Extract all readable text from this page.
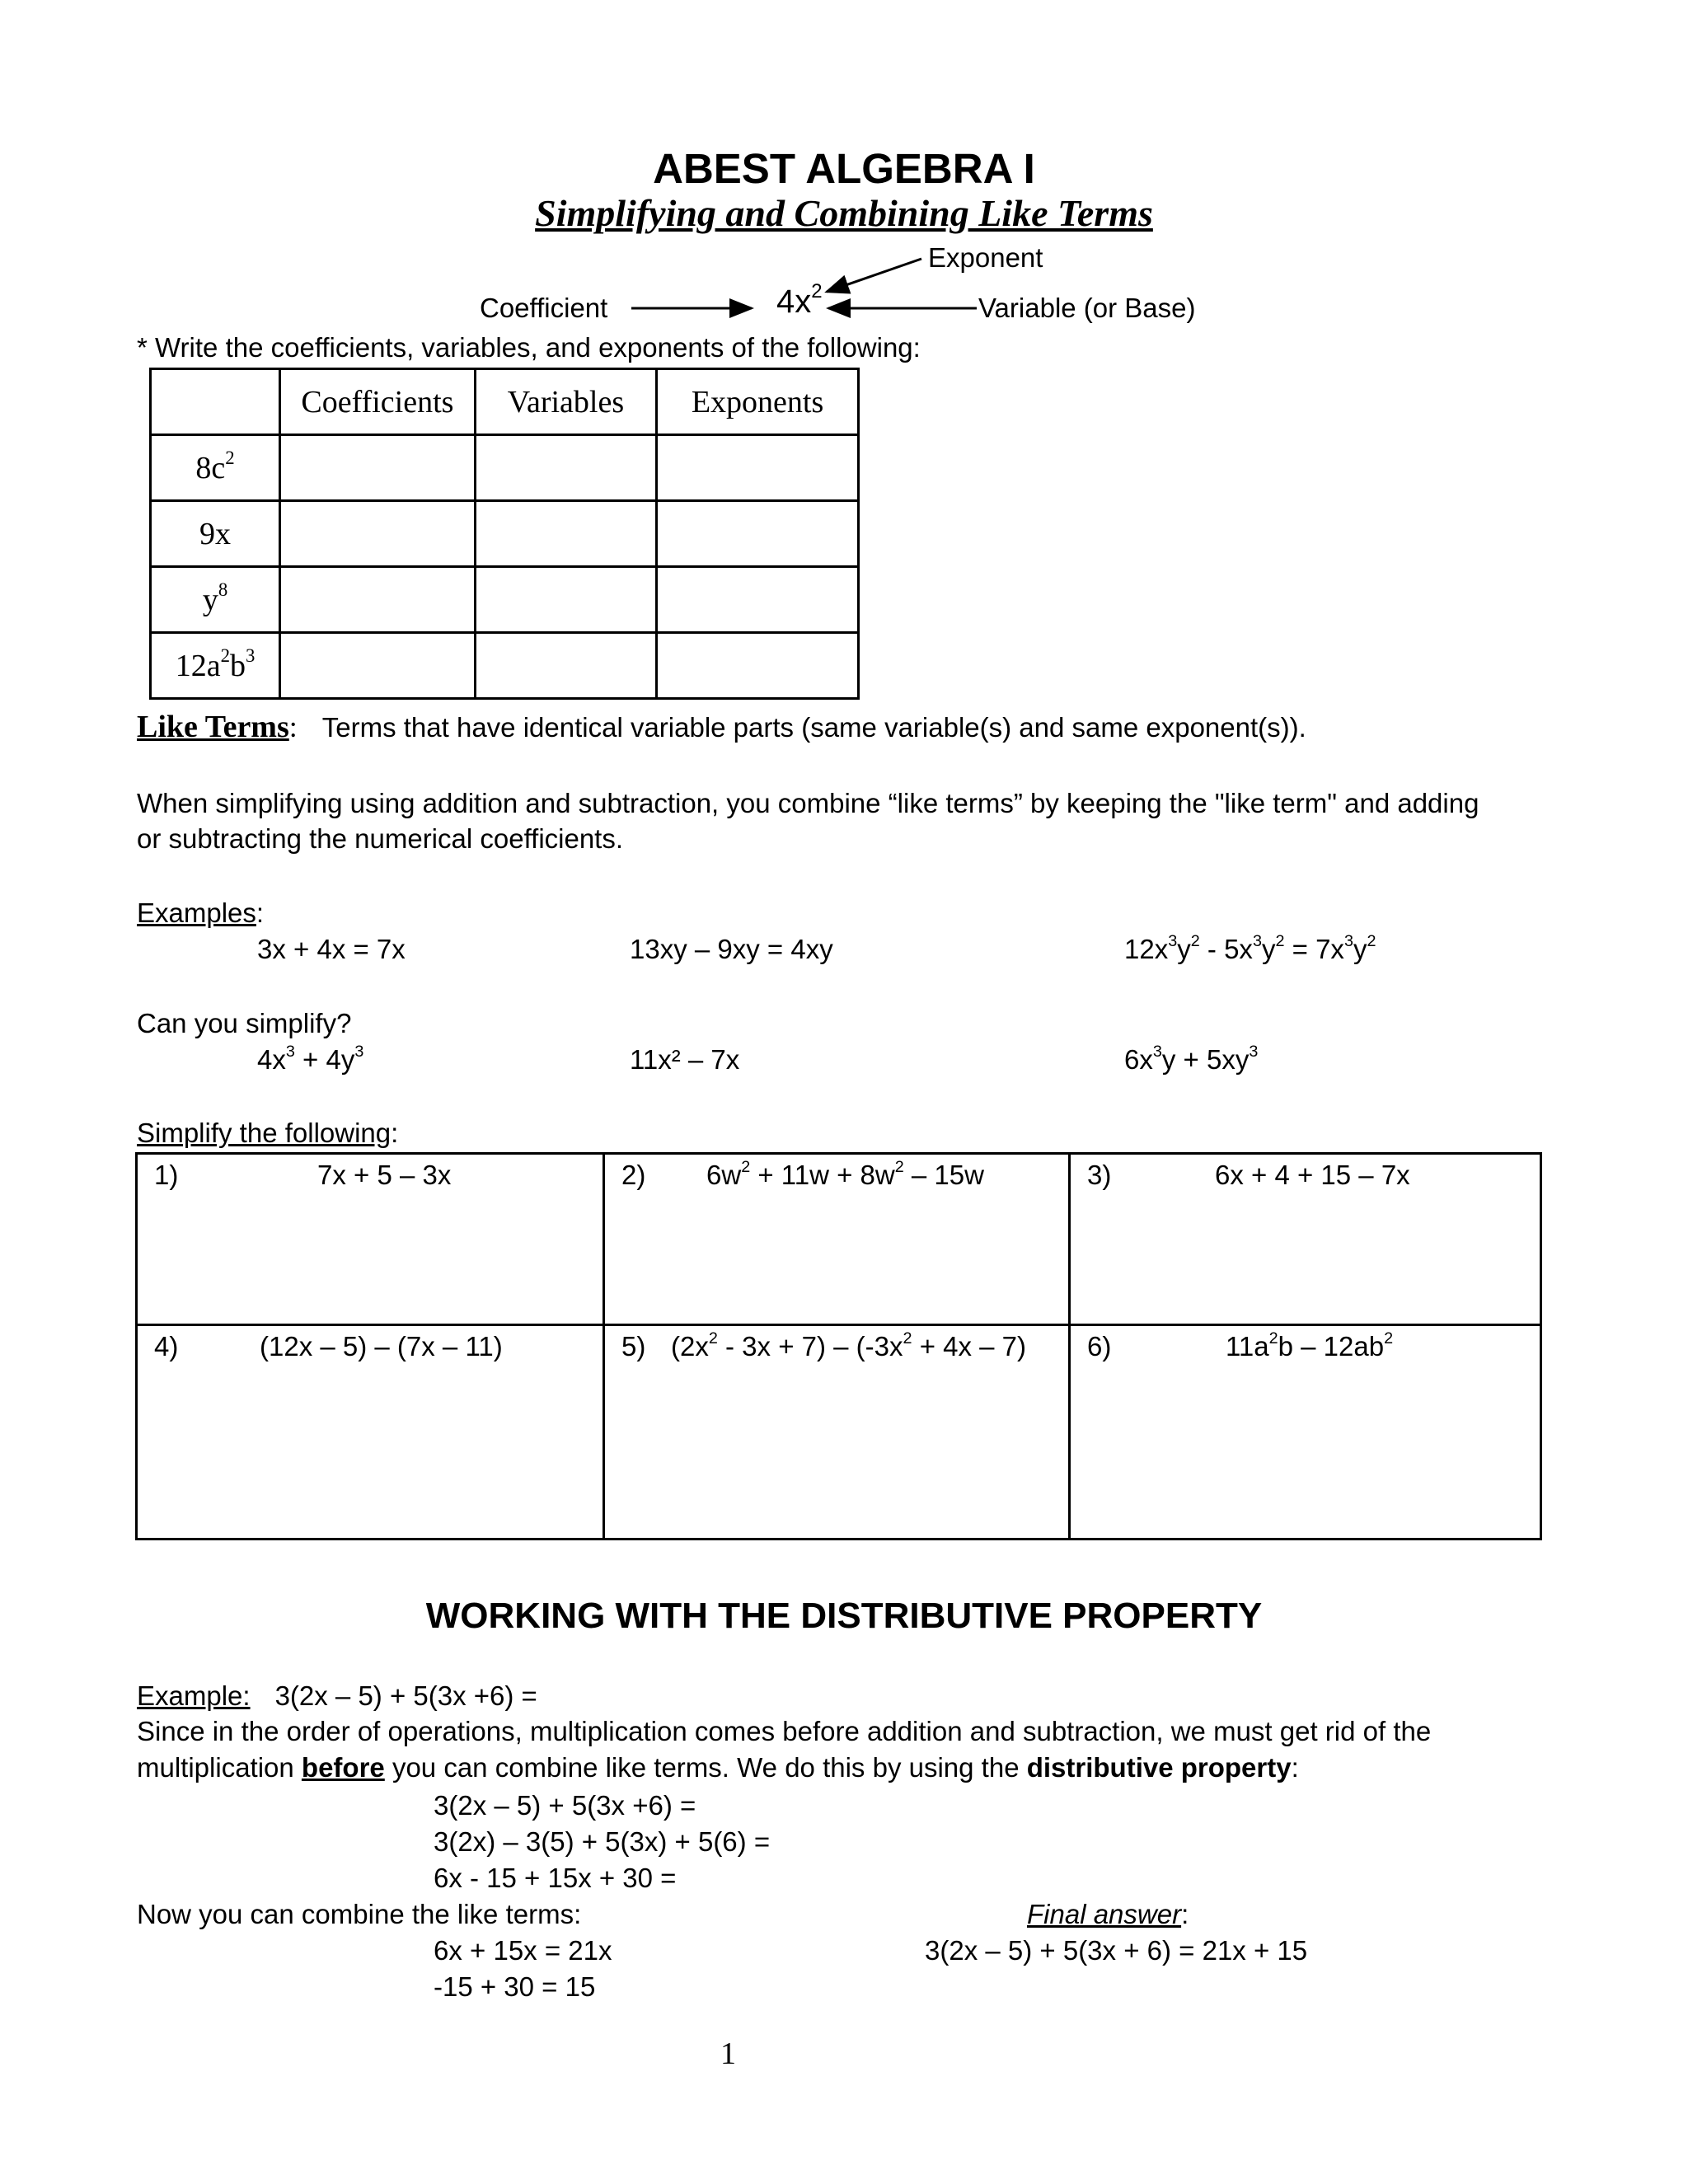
ABEST ALGEBRA I
Simplifying and Combining Like Terms
Exponent
Coefficient	$4x^2$
Variable (or Base)
* Write the coefficients, variables, and exponents of the following:
	Coefficients	Variables	Exponents
$8c^2$			
9x			
$y^8$			
$12a^2b^3$			
Like Terms: Terms that have identical variable parts (same variable(s) and same exponent(s)).
When simplifying using addition and subtraction, you combine “like terms” by keeping the "like term" and adding
or subtracting the numerical coefficients.
Examples:
3x + 4x = 7x	13xy – 9xy = 4xy	$12x^3y^2 - 5x^3y^2 = 7x^3y^2$
Can you simplify?
$4x^3 + 4y^3$	11x² – 7x	$6x^3y + 5xy^3$
Simplify the following:
1) 7x + 5 – 3x	2) $6w^2 + 11w + 8w^2 - 15w$	3) 6x + 4 + 15 – 7x

4) (12x – 5) – (7x – 11)	5) $(2x^2 - 3x + 7) - (-3x^2 + 4x - 7)$	6) $11a^2b - 12ab^2$
WORKING WITH THE DISTRIBUTIVE PROPERTY
Example: 3(2x – 5) + 5(3x +6) =
Since in the order of operations, multiplication comes before addition and subtraction, we must get rid of the
multiplication before you can combine like terms. We do this by using the distributive property:
3(2x – 5) + 5(3x +6) =
3(2x) – 3(5) + 5(3x) + 5(6) =
6x - 15 + 15x + 30 =
Now you can combine the like terms:	Final answer:
6x + 15x = 21x	3(2x – 5) + 5(3x + 6) = 21x + 15
-15 + 30 = 15
1
